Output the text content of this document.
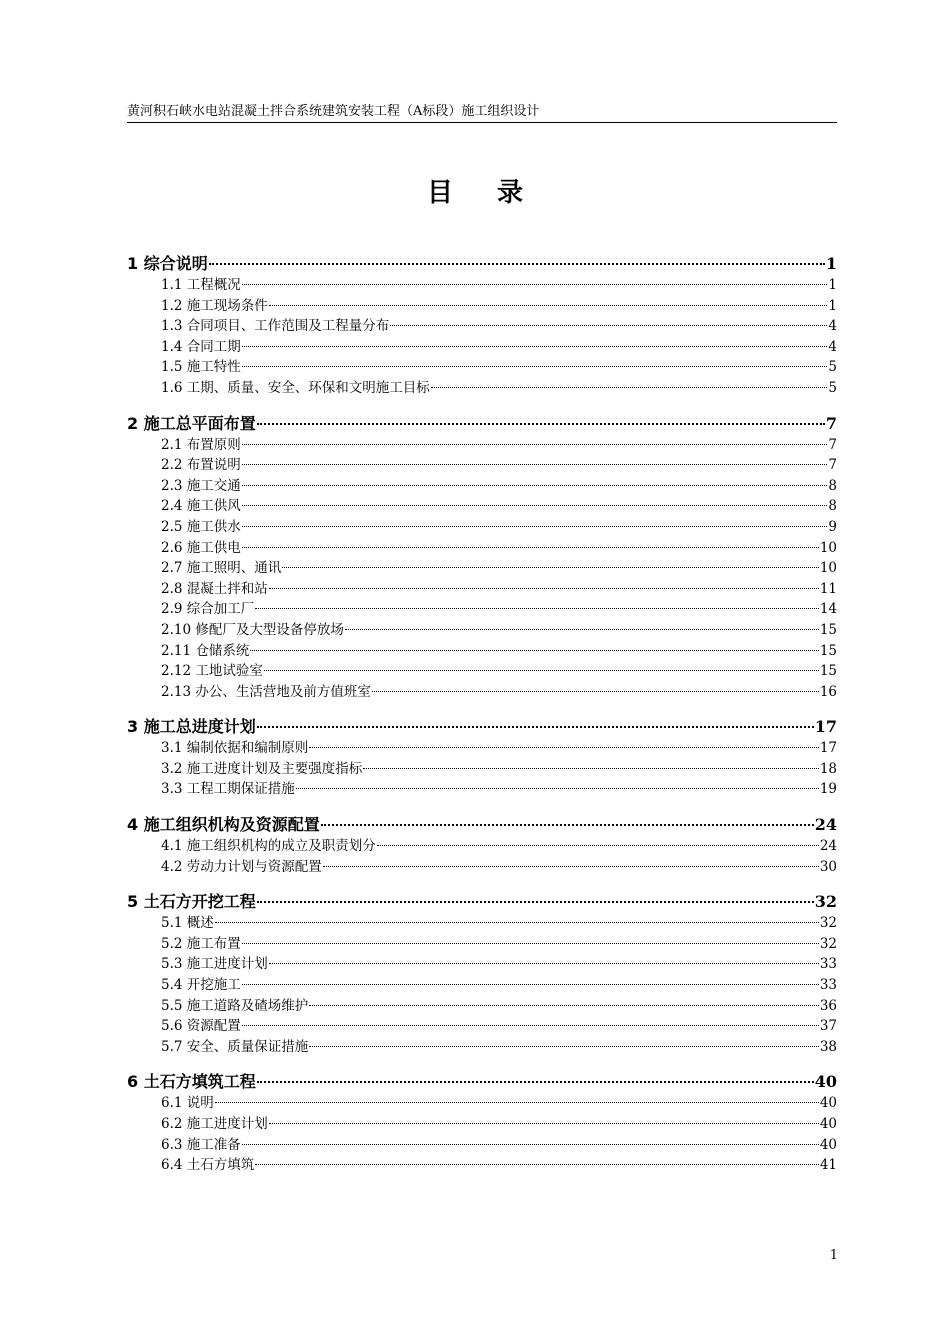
黄河积石峡水电站混凝土拌合系统建筑安装工程（A标段）施工组织设计
目录
1 综合说明	1
1.1 工程概况	1
1.2 施工现场条件	1
1.3 合同项目、工作范围及工程量分布	4
1.4 合同工期	4
1.5 施工特性	5
1.6 工期、质量、安全、环保和文明施工目标	5
2 施工总平面布置	7
2.1 布置原则	7
2.2 布置说明	7
2.3 施工交通	8
2.4 施工供风	8
2.5 施工供水	9
2.6 施工供电	10
2.7 施工照明、通讯	10
2.8 混凝土拌和站	11
2.9 综合加工厂	14
2.10 修配厂及大型设备停放场	15
2.11 仓储系统	15
2.12 工地试验室	15
2.13 办公、生活营地及前方值班室	16
3 施工总进度计划	17
3.1 编制依据和编制原则	17
3.2 施工进度计划及主要强度指标	18
3.3 工程工期保证措施	19
4 施工组织机构及资源配置	24
4.1 施工组织机构的成立及职责划分	24
4.2 劳动力计划与资源配置	30
5 土石方开挖工程	32
5.1 概述	32
5.2 施工布置	32
5.3 施工进度计划	33
5.4 开挖施工	33
5.5 施工道路及碴场维护	36
5.6 资源配置	37
5.7 安全、质量保证措施	38
6 土石方填筑工程	40
6.1 说明	40
6.2 施工进度计划	40
6.3 施工准备	40
6.4 土石方填筑	41
1
